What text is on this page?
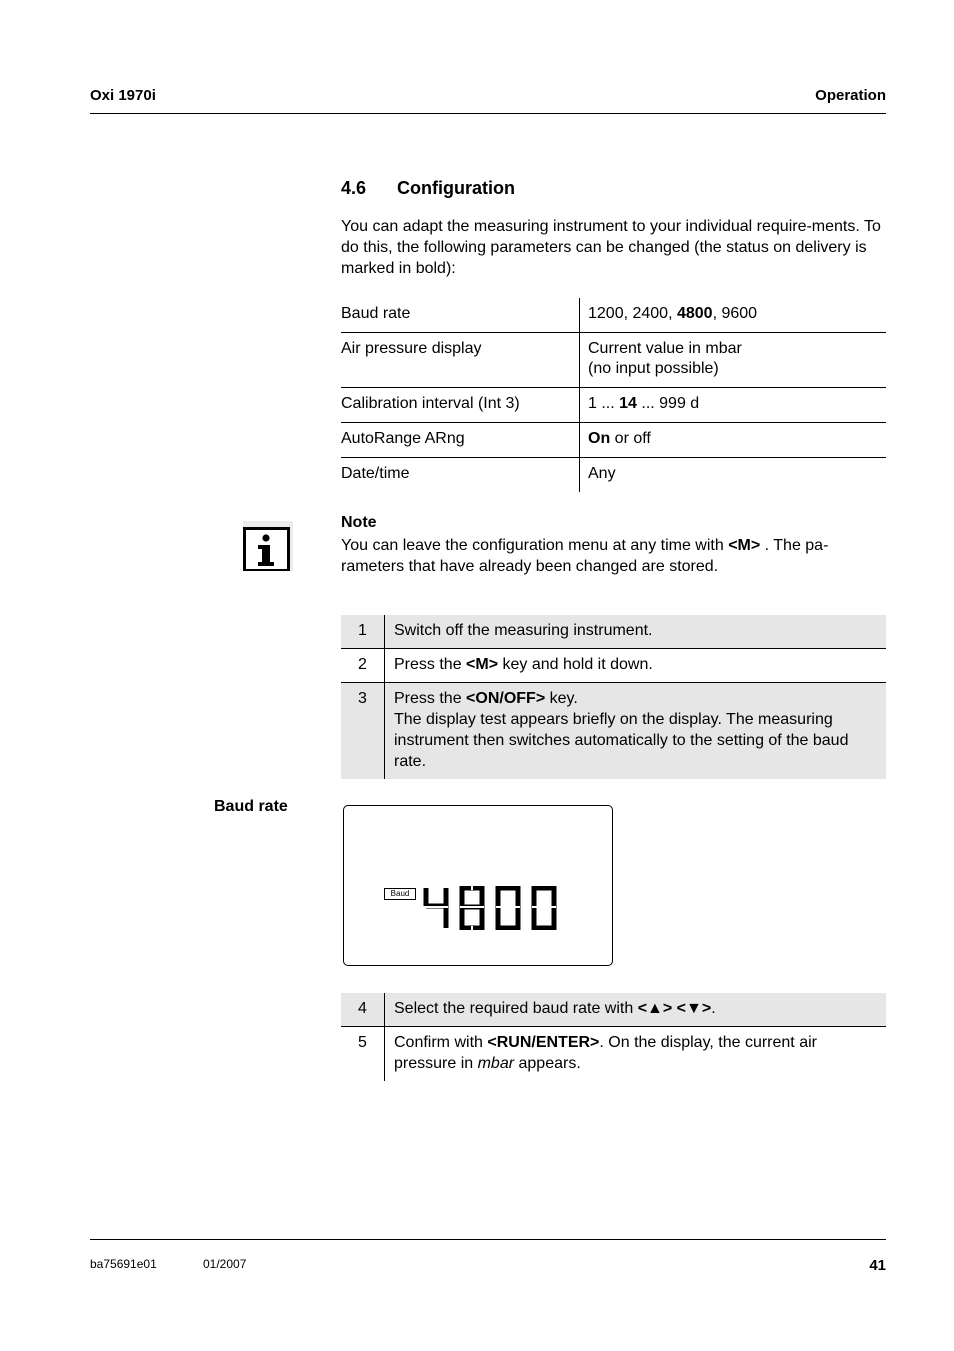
Oxi 1970i	Operation
4.6 Configuration
You can adapt the measuring instrument to your individual require-ments. To do this, the following parameters can be changed (the status on delivery is marked in bold):
Baud rate	1200, 2400, 4800, 9600
Air pressure display	Current value in mbar
(no input possible)
Calibration interval (Int 3)	1 ... 14 ... 999 d
AutoRange ARng	On or off
Date/time	Any
Note
You can leave the configuration menu at any time with <M> . The pa-rameters that have already been changed are stored.
1	Switch off the measuring instrument.
2	Press the <M> key and hold it down.
3	Press the <ON/OFF> key.
The display test appears briefly on the display. The measuring instrument then switches automatically to the setting of the baud rate.
Baud rate
Baud
4	Select the required baud rate with <▲> <▼>.
5	Confirm with <RUN/ENTER>. On the display, the current air pressure in mbar appears.
ba75691e01	01/2007	41
